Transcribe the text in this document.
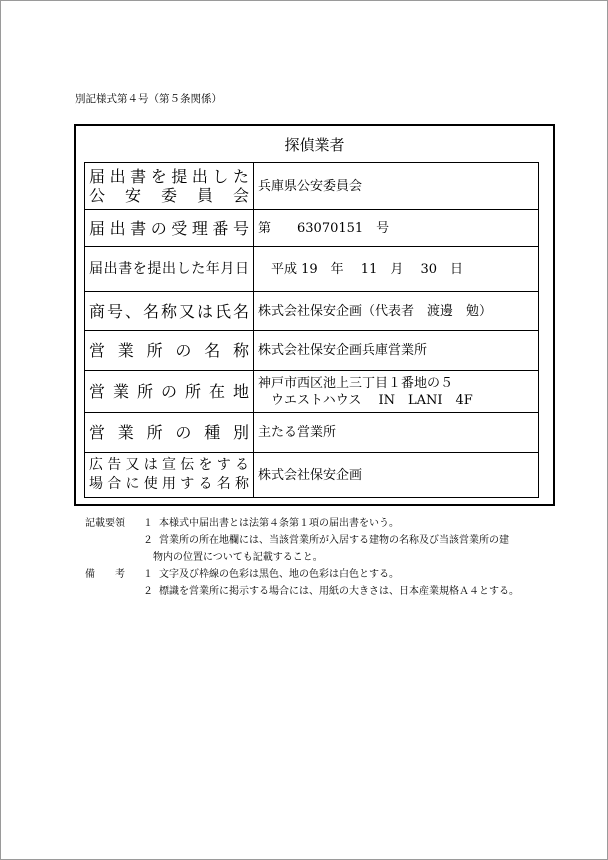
別記様式第４号（第５条関係）
探偵業者
届出書を提出した
公 安 委 員 会	兵庫県公安委員会

届出書の受理番号	第　　63070151　号

届出書を提出した年月日	　平成 19　年　 11　月　 30　日

商号、名称又は氏名	株式会社保安企画（代表者　渡邊　勉）

営 業 所 の 名 称	株式会社保安企画兵庫営業所

営 業 所 の 所 在 地	神戸市西区池上三丁目１番地の５
　ウエストハウス　 IN　LANI　4F

営 業 所 の 種 別	主たる営業所

広告又は宣伝をする
場合に使用する名称	株式会社保安企画
記載要領 １ 本様式中届出書とは法第４条第１項の届出書をいう。
２ 営業所の所在地欄には、当該営業所が入居する建物の名称及び当該営業所の建
物内の位置についても記載すること。
備　　考 １ 文字及び枠線の色彩は黒色、地の色彩は白色とする。
２ 標識を営業所に掲示する場合には、用紙の大きさは、日本産業規格Ａ４とする。
